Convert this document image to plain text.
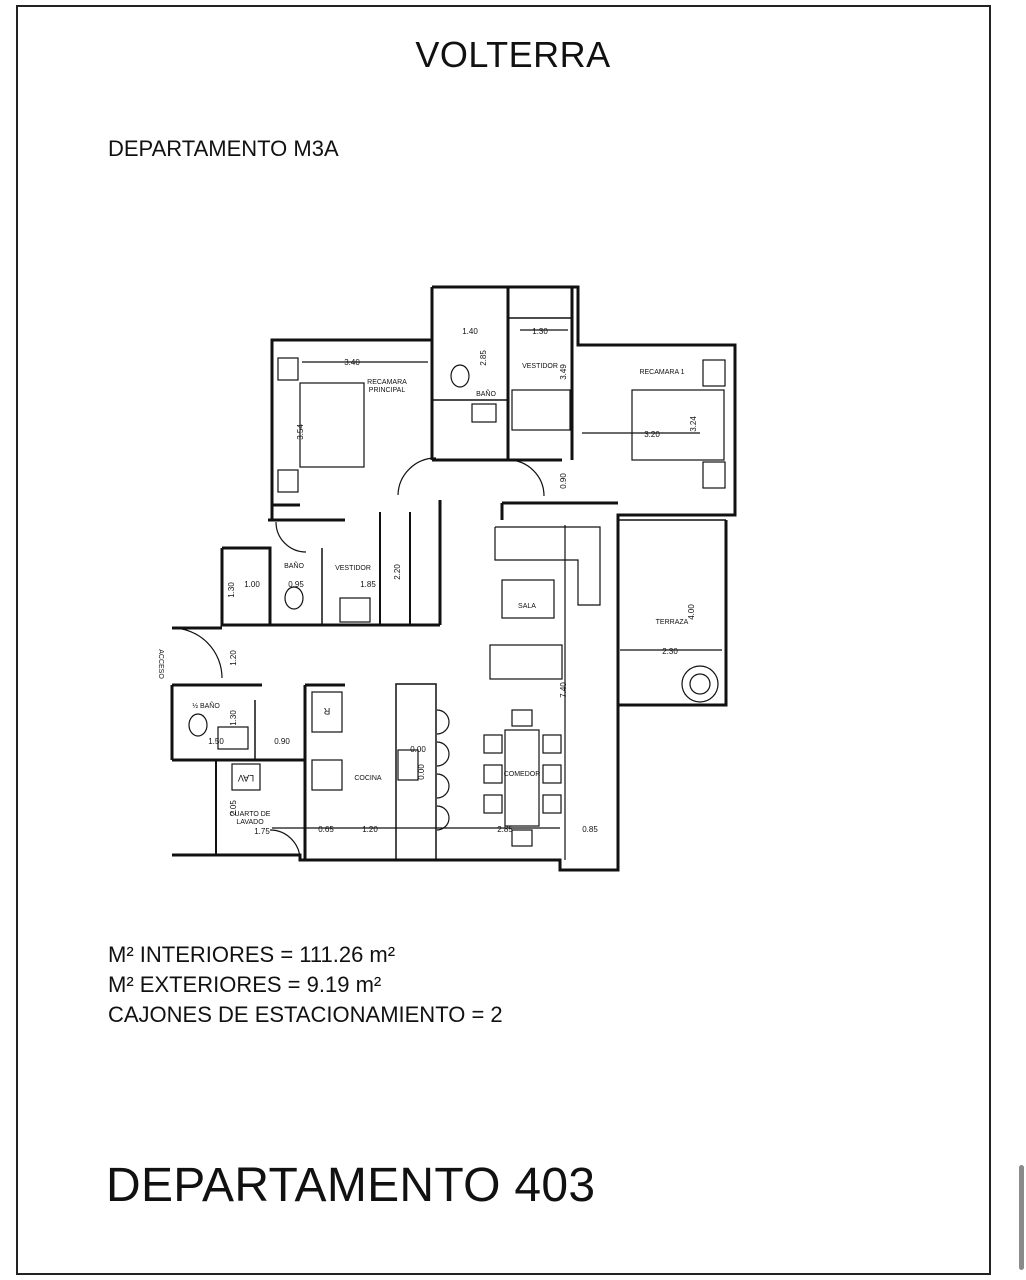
VOLTERRA
DEPARTAMENTO M3A
RECAMARA
PRINCIPAL
RECAMARA 1
VESTIDOR
BAÑO
BAÑO	VESTIDOR
SALA
TERRAZA
ACCESO
½ BAÑO
COCINA
COMEDOR
CUARTO DE
LAVADO
LAV
R
3.40
1.40	1.30
3.54
2.85
3.49
3.20
3.24
0.90
1.00	0.95	1.85
2.20
1.30
4.00
2.30
1.20
7.40
1.30
1.50	0.90
0.00
0.00
2.05
1.75	0.65	1.20	2.85	0.85
M² INTERIORES = 111.26 m²
M² EXTERIORES = 9.19 m²
CAJONES DE ESTACIONAMIENTO = 2
DEPARTAMENTO 403
